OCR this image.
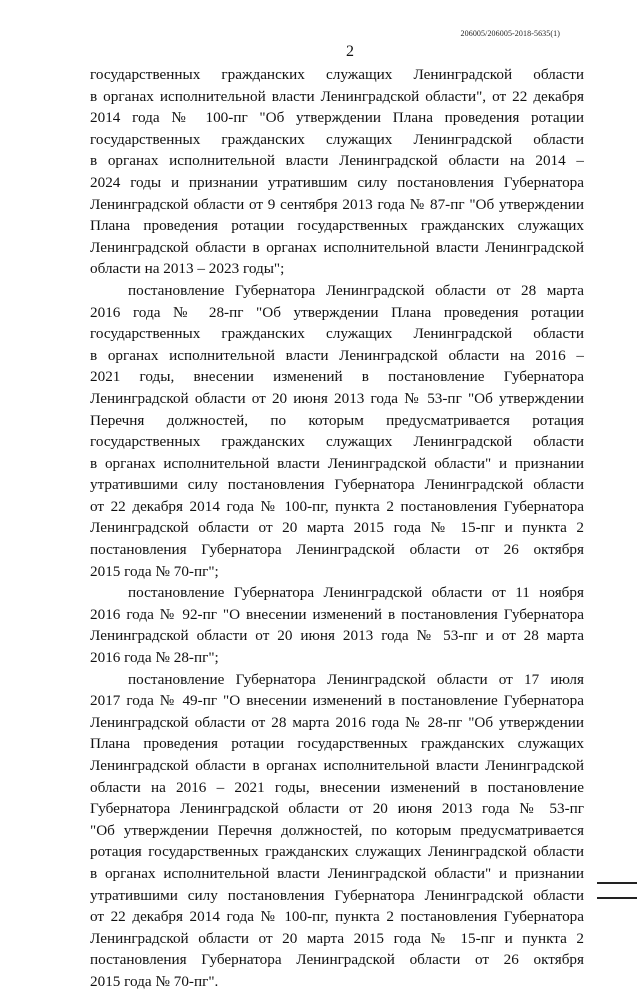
206005/206005-2018-5635(1)
2
государственных гражданских служащих Ленинградской области
в органах исполнительной власти Ленинградской области", от 22 декабря
2014 года № 100-пг "Об утверждении Плана проведения ротации
государственных гражданских служащих Ленинградской области
в органах исполнительной власти Ленинградской области на 2014 –
2024 годы и признании утратившим силу постановления Губернатора
Ленинградской области от 9 сентября 2013 года № 87-пг "Об утверждении
Плана проведения ротации государственных гражданских служащих
Ленинградской области в органах исполнительной власти Ленинградской
области на 2013 – 2023 годы";
постановление Губернатора Ленинградской области от 28 марта
2016 года № 28-пг "Об утверждении Плана проведения ротации
государственных гражданских служащих Ленинградской области
в органах исполнительной власти Ленинградской области на 2016 –
2021 годы, внесении изменений в постановление Губернатора
Ленинградской области от 20 июня 2013 года № 53-пг "Об утверждении
Перечня должностей, по которым предусматривается ротация
государственных гражданских служащих Ленинградской области
в органах исполнительной власти Ленинградской области" и признании
утратившими силу постановления Губернатора Ленинградской области
от 22 декабря 2014 года № 100-пг, пункта 2 постановления Губернатора
Ленинградской области от 20 марта 2015 года № 15-пг и пункта 2
постановления Губернатора Ленинградской области от 26 октября
2015 года № 70-пг";
постановление Губернатора Ленинградской области от 11 ноября
2016 года № 92-пг "О внесении изменений в постановления Губернатора
Ленинградской области от 20 июня 2013 года № 53-пг и от 28 марта
2016 года № 28-пг";
постановление Губернатора Ленинградской области от 17 июля
2017 года № 49-пг "О внесении изменений в постановление Губернатора
Ленинградской области от 28 марта 2016 года № 28-пг "Об утверждении
Плана проведения ротации государственных гражданских служащих
Ленинградской области в органах исполнительной власти Ленинградской
области на 2016 – 2021 годы, внесении изменений в постановление
Губернатора Ленинградской области от 20 июня 2013 года № 53-пг
"Об утверждении Перечня должностей, по которым предусматривается
ротация государственных гражданских служащих Ленинградской области
в органах исполнительной власти Ленинградской области" и признании
утратившими силу постановления Губернатора Ленинградской области
от 22 декабря 2014 года № 100-пг, пункта 2 постановления Губернатора
Ленинградской области от 20 марта 2015 года № 15-пг и пункта 2
постановления Губернатора Ленинградской области от 26 октября
2015 года № 70-пг".
